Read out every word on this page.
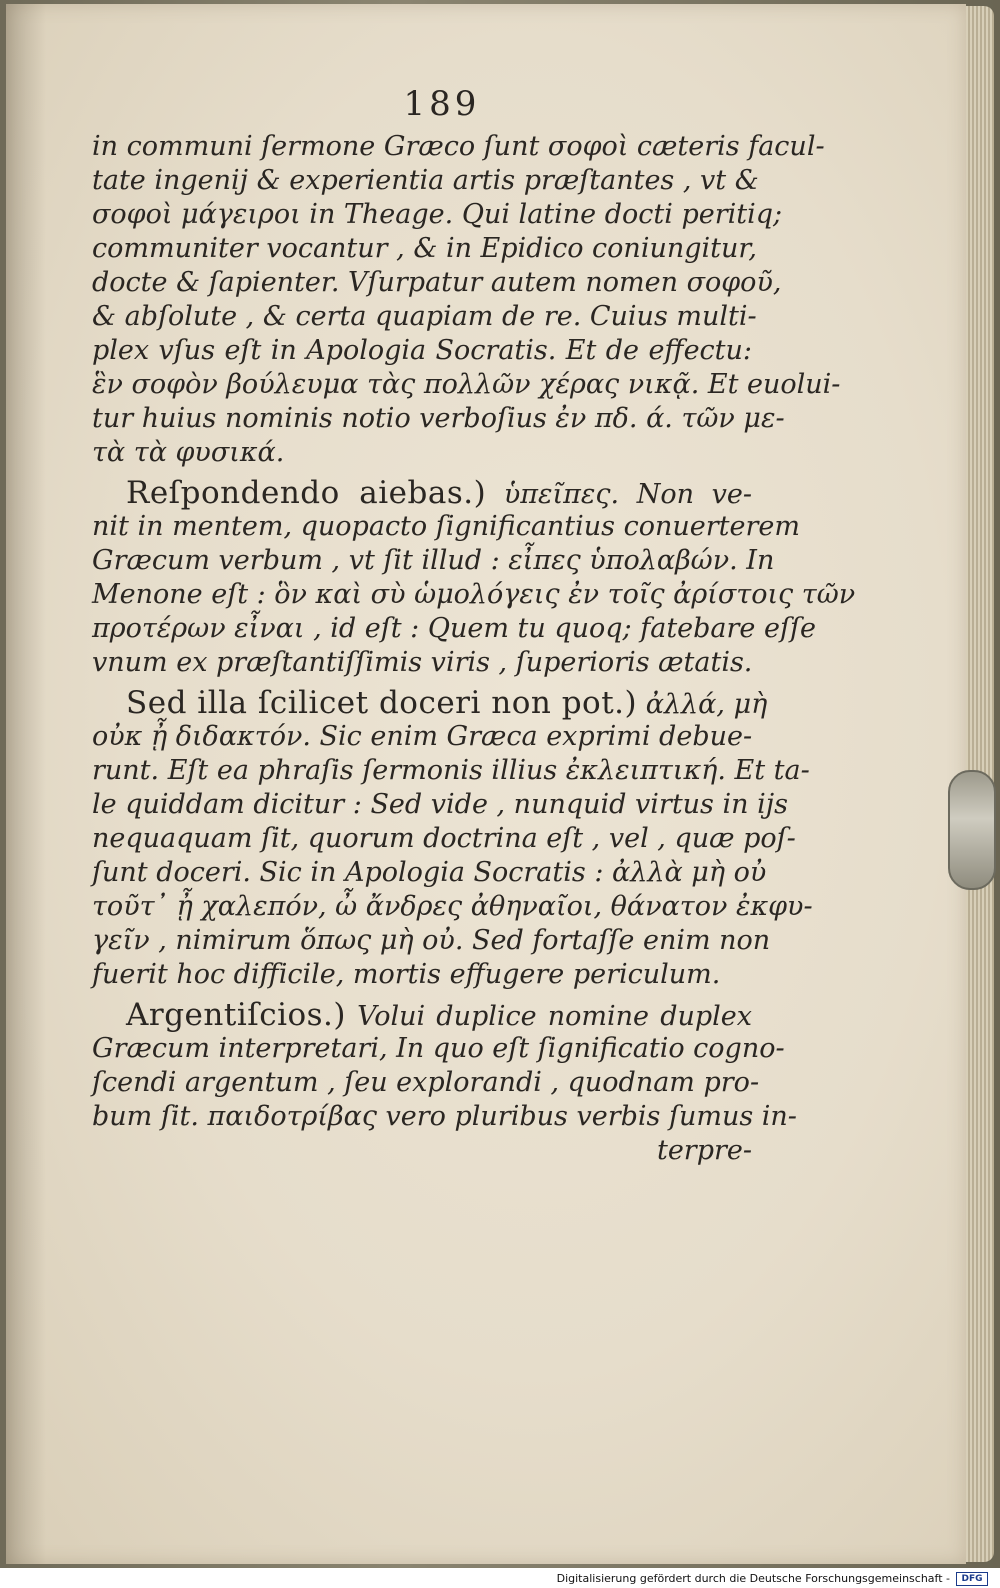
189
in communi ſermone Græco ſunt σοφοὶ cæteris facul-
tate ingenij & experientia artis præſtantes , vt &
σοφοὶ μάγειροι in Theage. Qui latine docti peritiq;
communiter vocantur , & in Epidico coniungitur,
docte & ſapienter. Vſurpatur autem nomen σοφοῦ,
& abſolute , & certa quapiam de re. Cuius multi-
plex vſus eſt in Apologia Socratis. Et de effectu:
ἓν σοφὸν βούλευμα τὰς πολλῶν χέρας νικᾷ. Et euolui-
tur huius nominis notio verboſius ἐν πδ. ά. τῶν με-
τὰ τὰ φυσικά.
Reſpondendo aiebas.) ὑπεῖπες. Non ve-
nit in mentem, quopacto ſignificantius conuerterem
Græcum verbum , vt ſit illud : εἶπες ὑπολαβών. In
Menone eſt : ὃν καὶ σὺ ὡμολόγεις ἐν τοῖς ἀρίστοις τῶν
προτέρων εἶναι , id eſt : Quem tu quoq; fatebare eſſe
vnum ex præſtantiſſimis viris , ſuperioris ætatis.
Sed illa ſcilicet doceri non pot.) ἀλλά, μὴ
οὐκ ᾖ διδακτόν. Sic enim Græca exprimi debue-
runt. Eſt ea phraſis ſermonis illius ἐκλειπτική. Et ta-
le quiddam dicitur : Sed vide , nunquid virtus in ijs
nequaquam ſit, quorum doctrina eſt , vel , quæ poſ-
ſunt doceri. Sic in Apologia Socratis : ἀλλὰ μὴ οὐ
τοῦτ᾽ ᾖ χαλεπόν, ὦ ἄνδρες ἀθηναῖοι, θάνατον ἐκφυ-
γεῖν , nimirum ὅπως μὴ οὐ. Sed fortaſſe enim non
fuerit hoc difficile, mortis effugere periculum.
Argentiſcios.) Volui duplice nomine duplex
Græcum interpretari, In quo eſt ſignificatio cogno-
ſcendi argentum , ſeu explorandi , quodnam pro-
bum ſit. παιδοτρίβας vero pluribus verbis ſumus in-
terpre-
Digitalisierung gefördert durch die Deutsche Forschungsgemeinschaft -	DFG
